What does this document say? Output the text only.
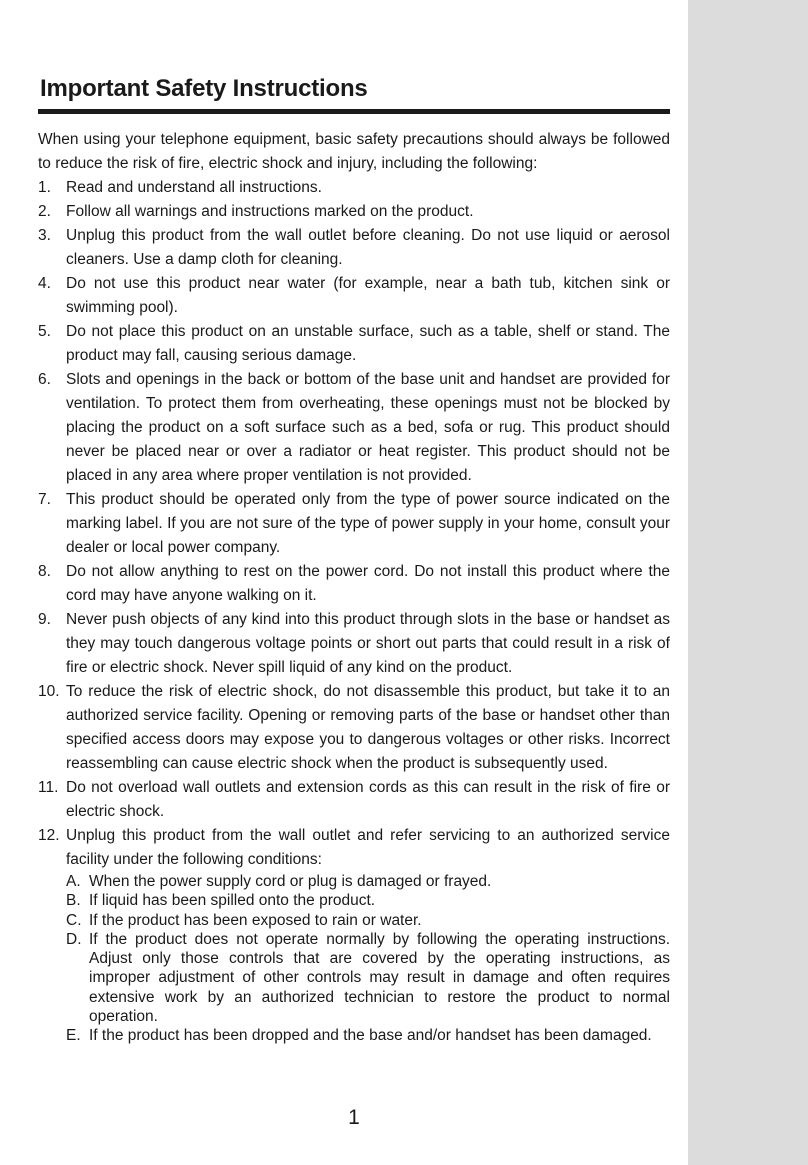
Important Safety Instructions

When using your telephone equipment, basic safety precautions should always be followed to reduce the risk of fire, electric shock and injury, including the following:

1. Read and understand all instructions.
2. Follow all warnings and instructions marked on the product.
3. Unplug this product from the wall outlet before cleaning. Do not use liquid or aerosol cleaners. Use a damp cloth for cleaning.
4. Do not use this product near water (for example, near a bath tub, kitchen sink or swimming pool).
5. Do not place this product on an unstable surface, such as a table, shelf or stand. The product may fall, causing serious damage.
6. Slots and openings in the back or bottom of the base unit and handset are provided for ventilation. To protect them from overheating, these openings must not be blocked by placing the product on a soft surface such as a bed, sofa or rug. This product should never be placed near or over a radiator or heat register. This product should not be placed in any area where proper ventilation is not provided.
7. This product should be operated only from the type of power source indicated on the marking label. If you are not sure of the type of power supply in your home, consult your dealer or local power company.
8. Do not allow anything to rest on the power cord. Do not install this product where the cord may have anyone walking on it.
9. Never push objects of any kind into this product through slots in the base or handset as they may touch dangerous voltage points or short out parts that could result in a risk of fire or electric shock. Never spill liquid of any kind on the product.
10. To reduce the risk of electric shock, do not disassemble this product, but take it to an authorized service facility. Opening or removing parts of the base or handset other than specified access doors may expose you to dangerous voltages or other risks. Incorrect reassembling can cause electric shock when the product is subsequently used.
11. Do not overload wall outlets and extension cords as this can result in the risk of fire or electric shock.
12. Unplug this product from the wall outlet and refer servicing to an authorized service facility under the following conditions:
A. When the power supply cord or plug is damaged or frayed.
B. If liquid has been spilled onto the product.
C. If the product has been exposed to rain or water.
D. If the product does not operate normally by following the operating instructions. Adjust only those controls that are covered by the operating instructions, as improper adjustment of other controls may result in damage and often requires extensive work by an authorized technician to restore the product to normal operation.
E. If the product has been dropped and the base and/or handset has been damaged.
1
